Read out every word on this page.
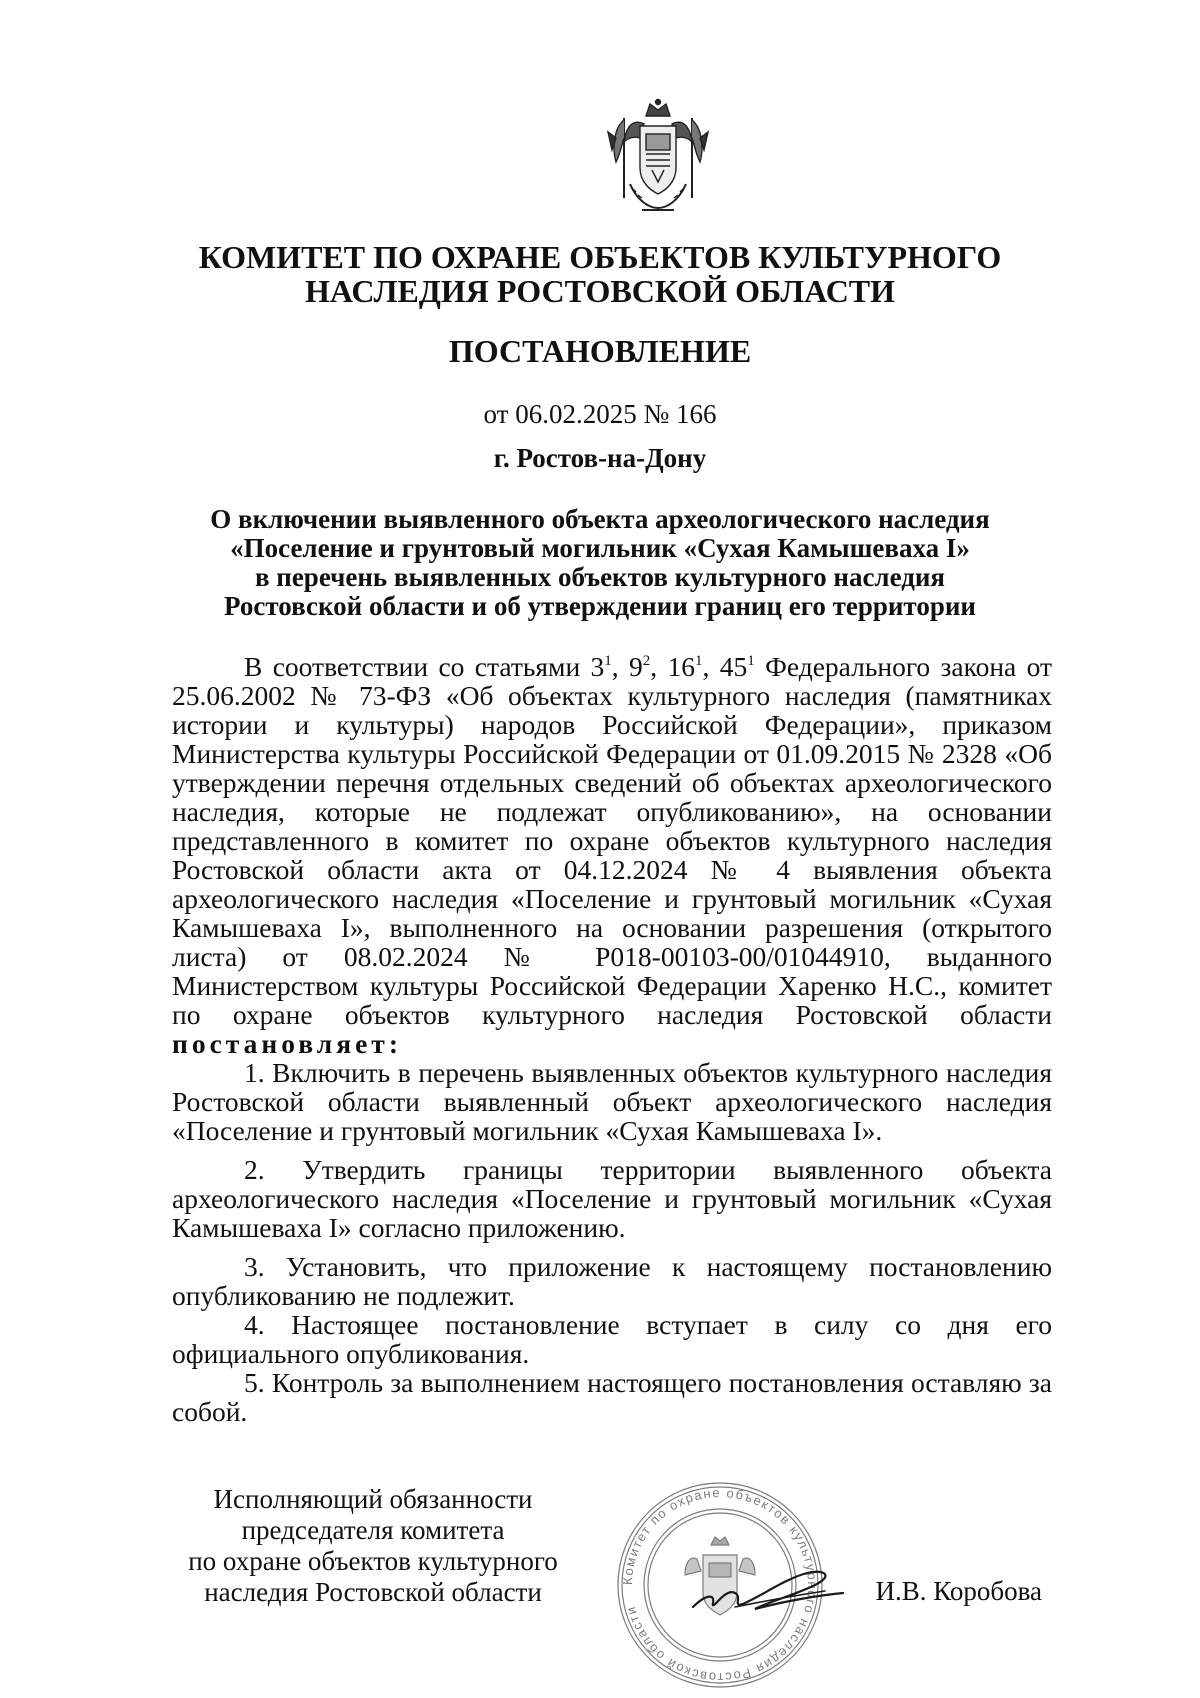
КОМИТЕТ ПО ОХРАНЕ ОБЪЕКТОВ КУЛЬТУРНОГО
НАСЛЕДИЯ РОСТОВСКОЙ ОБЛАСТИ
ПОСТАНОВЛЕНИЕ
от 06.02.2025 № 166
г. Ростов-на-Дону
О включении выявленного объекта археологического наследия
«Поселение и грунтовый могильник «Сухая Камышеваха I»
в перечень выявленных объектов культурного наследия
Ростовской области и об утверждении границ его территории

В соответствии со статьями $3^1$, $9^2$, $16^1$, $45^1$ Федерального закона от 25.06.2002 № 73-ФЗ «Об объектах культурного наследия (памятниках истории и культуры) народов Российской Федерации», приказом Министерства культуры Российской Федерации от 01.09.2015 № 2328 «Об утверждении перечня отдельных сведений об объектах археологического наследия, которые не подлежат опубликованию», на основании представленного в комитет по охране объектов культурного наследия Ростовской области акта от 04.12.2024 № 4 выявления объекта археологического наследия «Поселение и грунтовый могильник «Сухая Камышеваха I», выполненного на основании разрешения (открытого листа) от 08.02.2024 № Р018-00103-00/01044910, выданного Министерством культуры Российской Федерации Харенко Н.С., комитет по охране объектов культурного наследия Ростовской области постановляет:

1. Включить в перечень выявленных объектов культурного наследия Ростовской области выявленный объект археологического наследия «Поселение и грунтовый могильник «Сухая Камышеваха I».

2. Утвердить границы территории выявленного объекта археологического наследия «Поселение и грунтовый могильник «Сухая Камышеваха I» согласно приложению.

3. Установить, что приложение к настоящему постановлению опубликованию не подлежит.

4. Настоящее постановление вступает в силу со дня его официального опубликования.

5. Контроль за выполнением настоящего постановления оставляю за собой.

Исполняющий обязанности
председателя комитета
по охране объектов культурного
наследия Ростовской области	Комитет по охране объектов культурного наследия Ростовской области
И.В. Коробова
